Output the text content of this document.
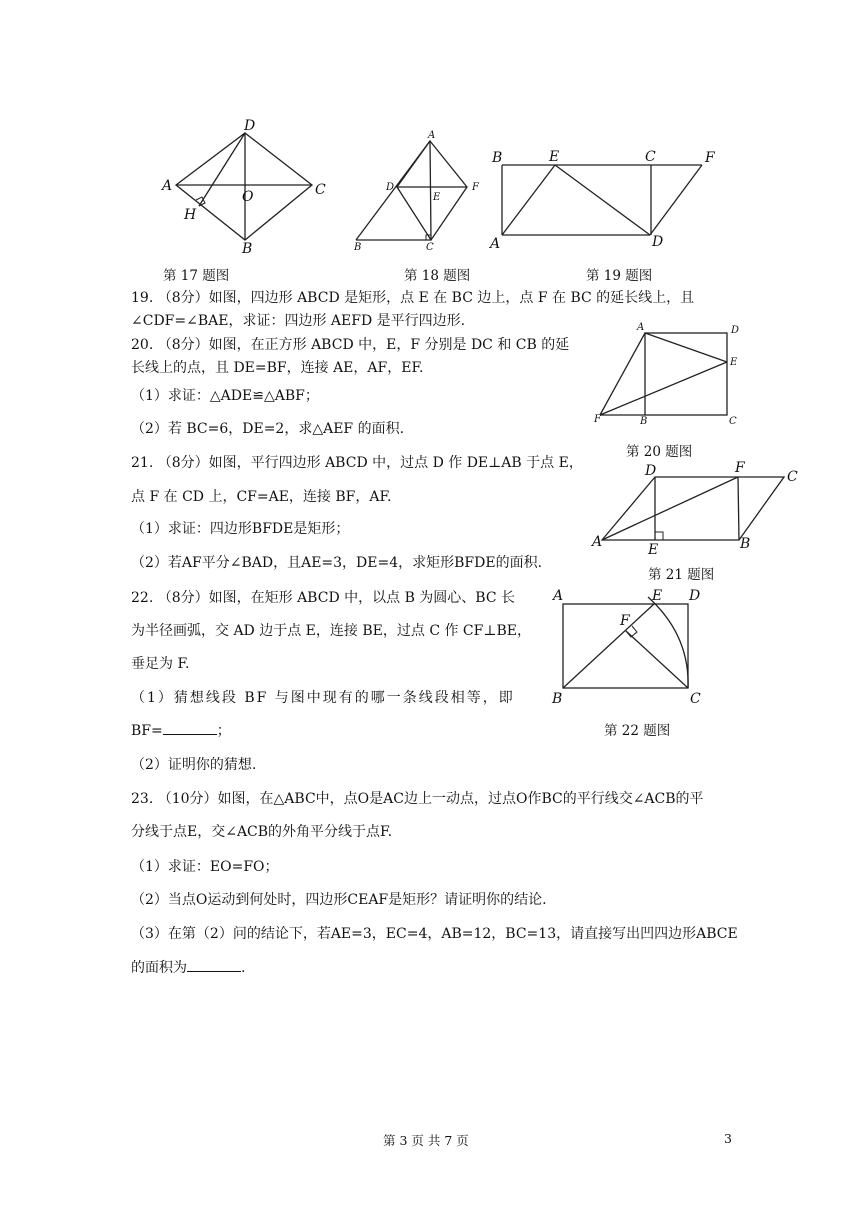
D
A	C
O
H
B
A
D	F
E
B	C
B	E	C	F
A	D
第 17 题图	第 18 题图	第 19 题图
19. （8分）如图，四边形 ABCD 是矩形，点 E 在 BC 边上，点 F 在 BC 的延长线上，且
∠CDF=∠BAE，求证：四边形 AEFD 是平行四边形.	A	D
E
F	B	C
第 20 题图
20. （8分）如图，在正方形 ABCD 中，E，F 分别是 DC 和 CB 的延
长线上的点，且 DE=BF，连接 AE，AF，EF.
（1）求证：△ADE≌△ABF；
（2）若 BC=6，DE=2，求△AEF 的面积.
D	F
C
A	E	B
第 21 题图
21. （8分）如图，平行四边形 ABCD 中，过点 D 作 DE⊥AB 于点 E，
点 F 在 CD 上，CF=AE，连接 BF，AF.
（1）求证：四边形BFDE是矩形；
（2）若AF平分∠BAD，且AE=3，DE=4，求矩形BFDE的面积.
A	E D
F
B	C
第 22 题图
22. （8分）如图，在矩形 ABCD 中，以点 B 为圆心、BC 长
为半径画弧，交 AD 边于点 E，连接 BE，过点 C 作 CF⊥BE，
垂足为 F.
（1）猜想线段 BF 与图中现有的哪一条线段相等，即
BF=	；
（2）证明你的猜想.
23. （10分）如图，在△ABC中，点O是AC边上一动点，过点O作BC的平行线交∠ACB的平
分线于点E，交∠ACB的外角平分线于点F.
（1）求证：EO=FO；
（2）当点O运动到何处时，四边形CEAF是矩形？请证明你的结论.
（3）在第（2）问的结论下，若AE=3，EC=4，AB=12，BC=13，请直接写出凹四边形ABCE
的面积为	.
第 3 页 共 7 页	3
